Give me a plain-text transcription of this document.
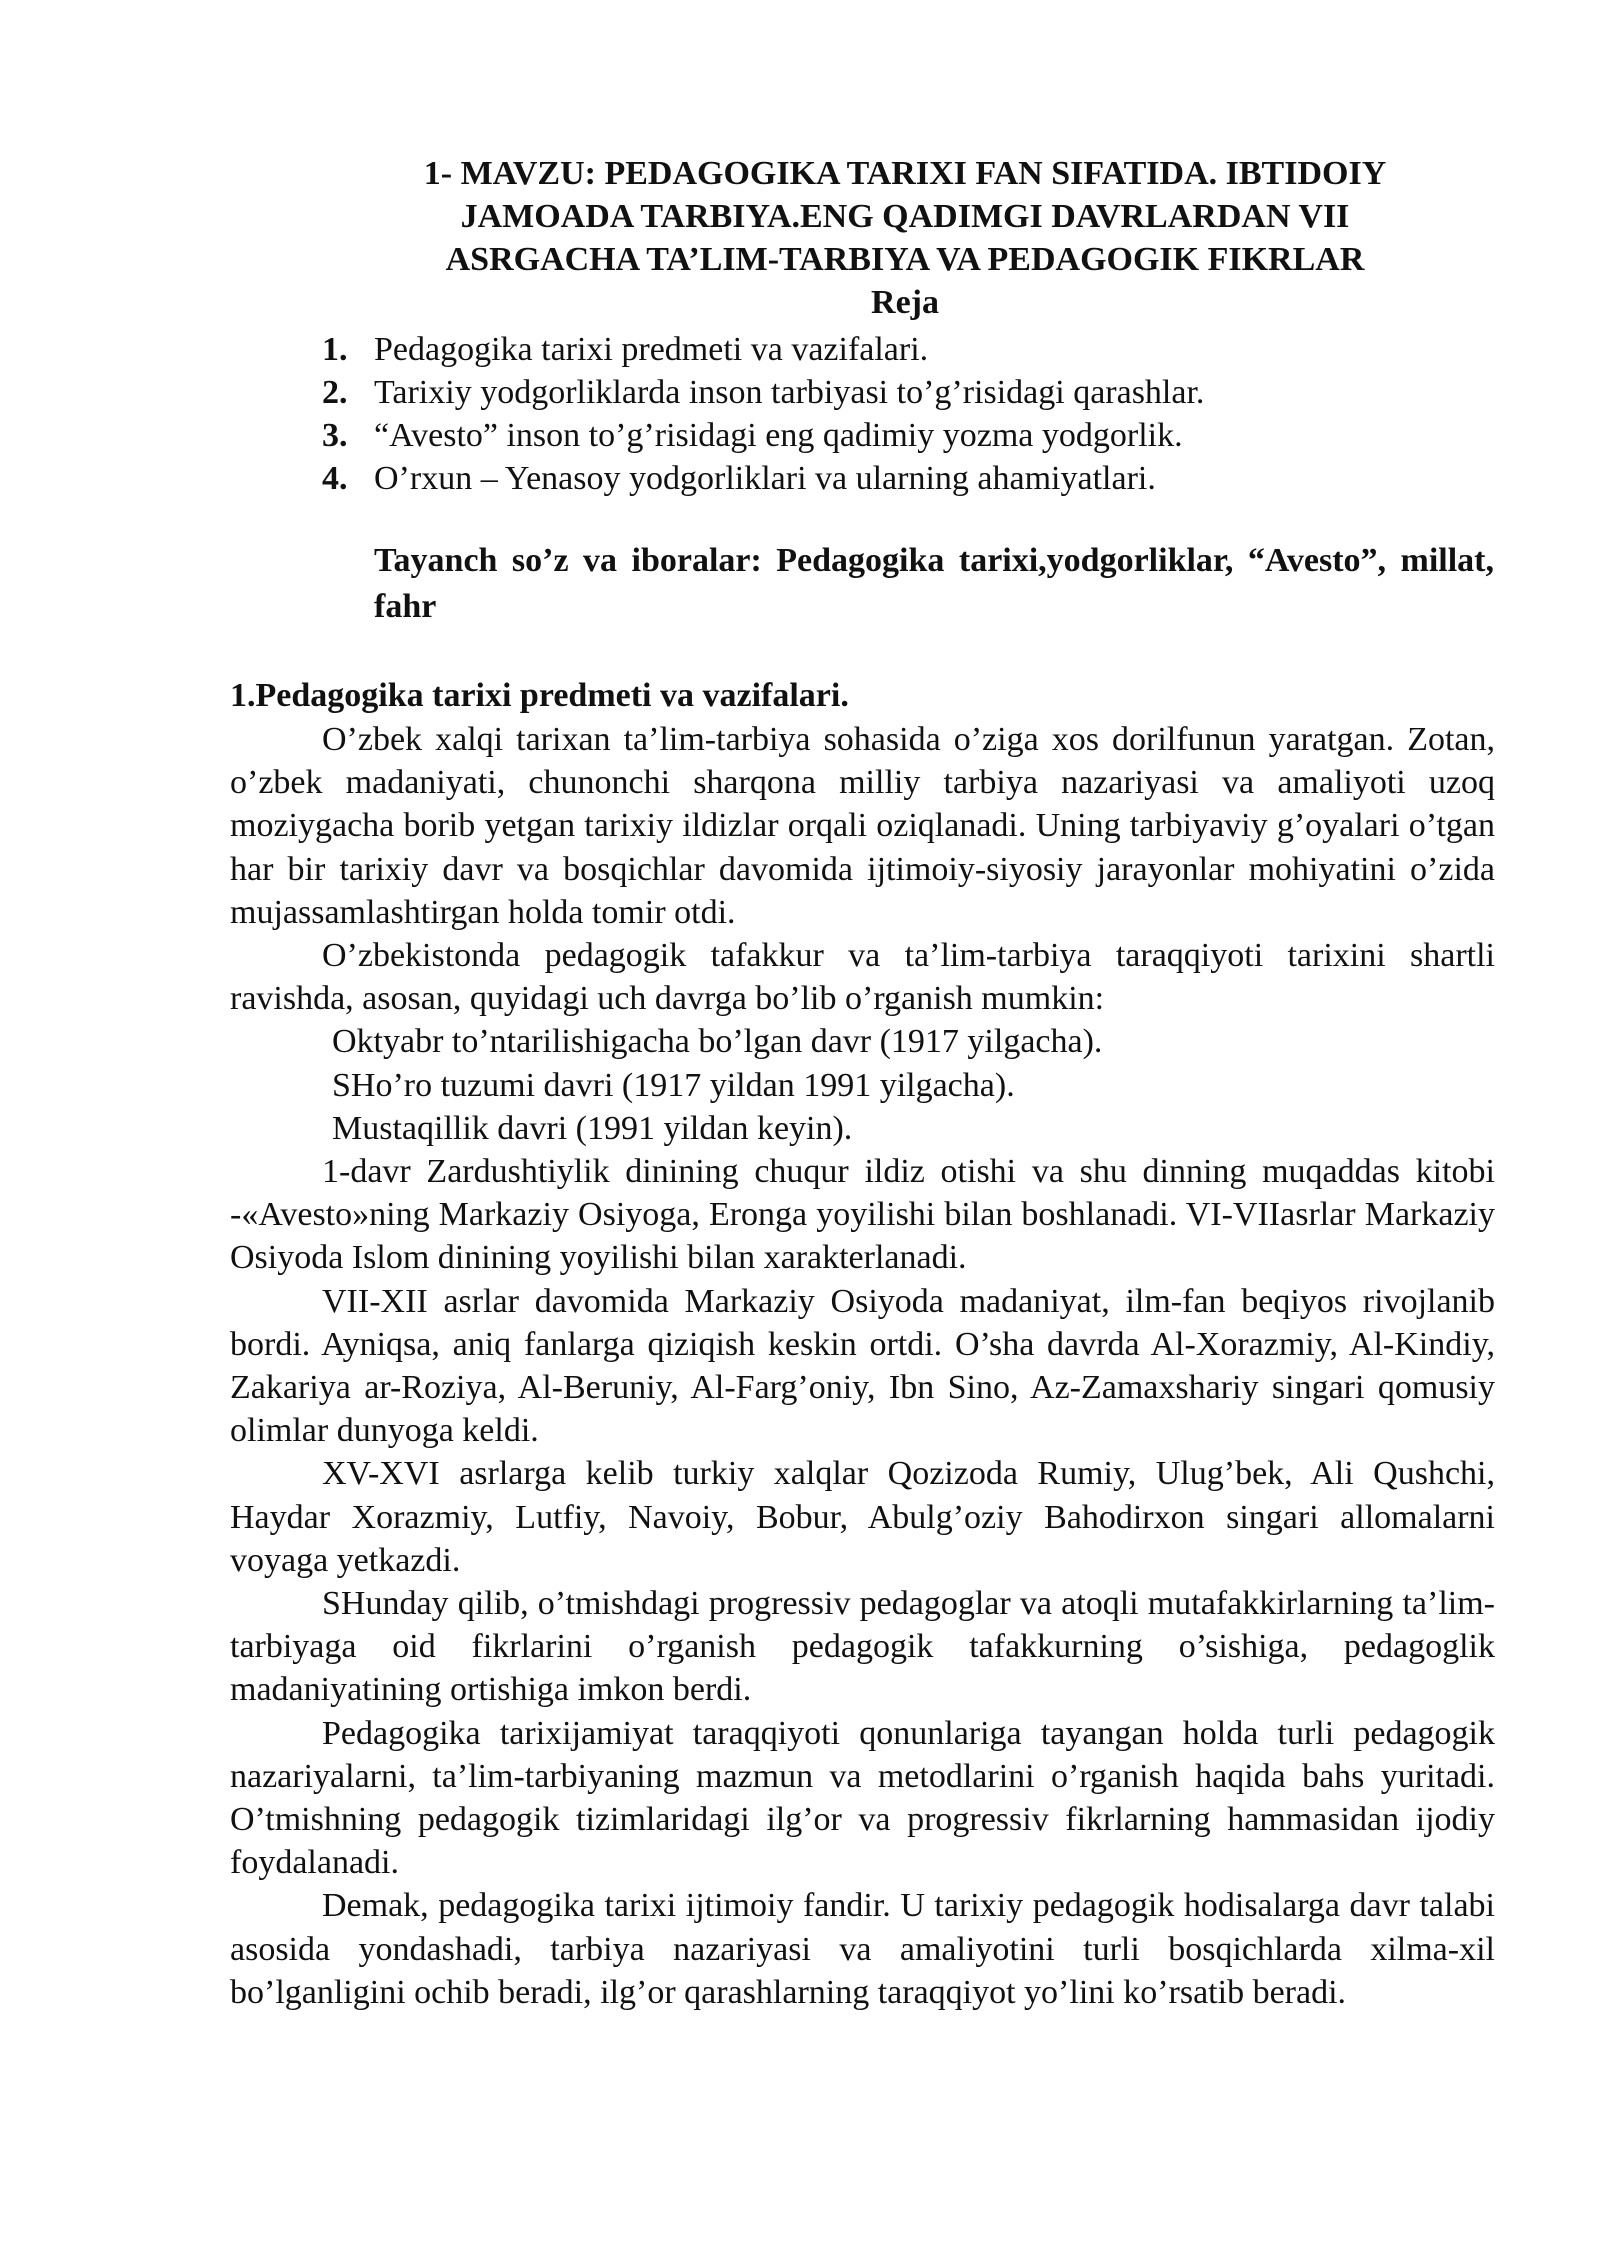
1- MAVZU: PEDAGOGIKA TARIXI FAN SIFATIDA. IBTIDOIY
JAMOADA TARBIYA.ENG QADIMGI DAVRLARDAN VII
ASRGACHA TA’LIM-TARBIYA VA PEDAGOGIK FIKRLAR
Reja
1. Pedagogika tarixi predmeti va vazifalari.
2. Tarixiy yodgorliklarda inson tarbiyasi to’g’risidagi qarashlar.
3. “Avesto” inson to’g’risidagi eng qadimiy yozma yodgorlik.
4. O’rxun – Yenasoy yodgorliklari va ularning ahamiyatlari.
Tayanch so’z va iboralar: Pedagogika tarixi,yodgorliklar, “Avesto”, millat, fahr
1.Pedagogika tarixi predmeti va vazifalari.

O’zbek xalqi tarixan ta’lim-tarbiya sohasida o’ziga xos dorilfunun yaratgan. Zotan, o’zbek madaniyati, chunonchi sharqona milliy tarbiya nazariyasi va amaliyoti uzoq moziygacha borib yetgan tarixiy ildizlar orqali oziqlanadi. Uning tarbiyaviy g’oyalari o’tgan har bir tarixiy davr va bosqichlar davomida ijtimoiy-siyosiy jarayonlar mohiyatini o’zida mujassamlashtirgan holda tomir otdi.

O’zbekistonda pedagogik tafakkur va ta’lim-tarbiya taraqqiyoti tarixini shartli ravishda, asosan, quyidagi uch davrga bo’lib o’rganish mumkin:

Oktyabr to’ntarilishigacha bo’lgan davr (1917 yilgacha).

SHo’ro tuzumi davri (1917 yildan 1991 yilgacha).

Mustaqillik davri (1991 yildan keyin).

1-davr Zardushtiylik dinining chuqur ildiz otishi va shu dinning muqaddas kitobi -«Avesto»ning Markaziy Osiyoga, Eronga yoyilishi bilan boshlanadi. VI-VIIasrlar Markaziy Osiyoda Islom dinining yoyilishi bilan xarakterlanadi.

VII-XII asrlar davomida Markaziy Osiyoda madaniyat, ilm-fan beqiyos rivojlanib bordi. Ayniqsa, aniq fanlarga qiziqish keskin ortdi. O’sha davrda Al-Xorazmiy, Al-Kindiy, Zakariya ar-Roziya, Al-Beruniy, Al-Farg’oniy, Ibn Sino, Az-Zamaxshariy singari qomusiy olimlar dunyoga keldi.

XV-XVI asrlarga kelib turkiy xalqlar Qozizoda Rumiy, Ulug’bek, Ali Qushchi, Haydar Xorazmiy, Lutfiy, Navoiy, Bobur, Abulg’oziy Bahodirxon singari allomalarni voyaga yetkazdi.

SHunday qilib, o’tmishdagi progressiv pedagoglar va atoqli mutafakkirlarning ta’lim-tarbiyaga oid fikrlarini o’rganish pedagogik tafakkurning o’sishiga, pedagoglik madaniyatining ortishiga imkon berdi.

Pedagogika tarixijamiyat taraqqiyoti qonunlariga tayangan holda turli pedagogik nazariyalarni, ta’lim-tarbiyaning mazmun va metodlarini o’rganish haqida bahs yuritadi. O’tmishning pedagogik tizimlaridagi ilg’or va progressiv fikrlarning hammasidan ijodiy foydalanadi.

Demak, pedagogika tarixi ijtimoiy fandir. U tarixiy pedagogik hodisalarga davr talabi asosida yondashadi, tarbiya nazariyasi va amaliyotini turli bosqichlarda xilma-xil bo’lganligini ochib beradi, ilg’or qarashlarning taraqqiyot yo’lini ko’rsatib beradi.
